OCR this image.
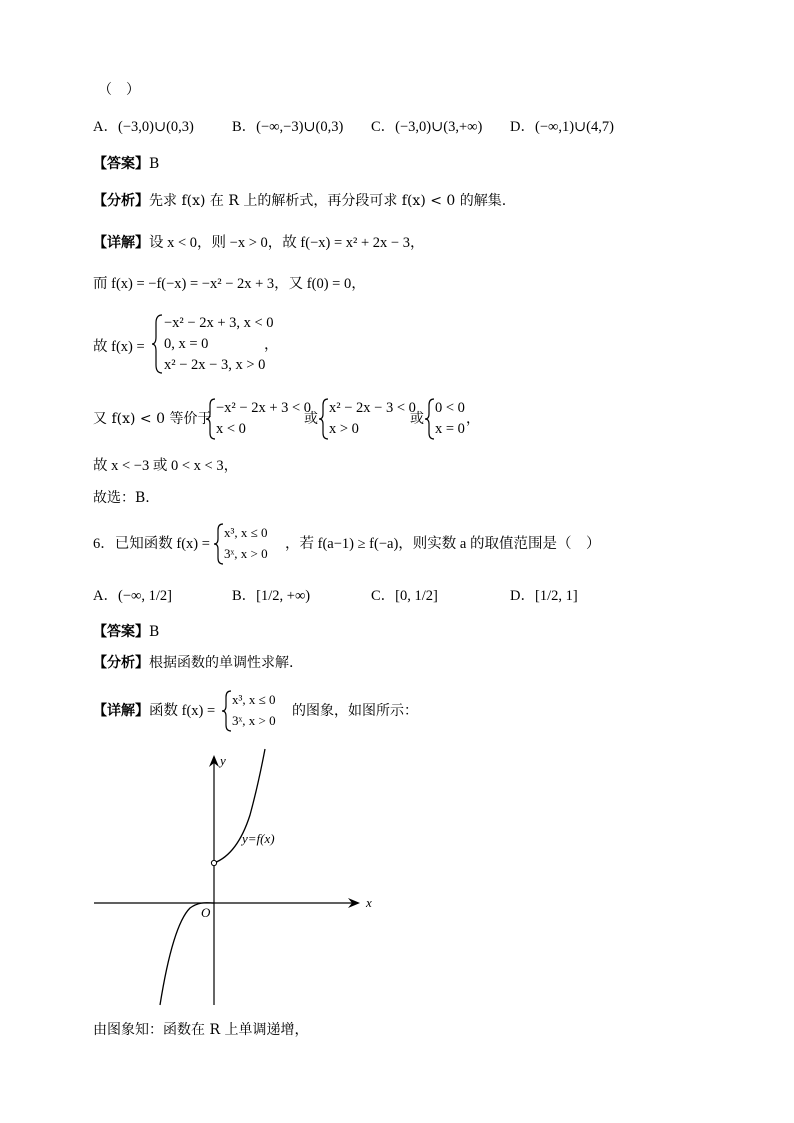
（　）
A．(−3,0)∪(0,3)	B．(−∞,−3)∪(0,3) C．(−3,0)∪(3,+∞) D．(−∞,1)∪(4,7)
【答案】B
【分析】先求 f(x) 在 R 上的解析式，再分段可求 f(x) < 0 的解集.
【详解】设 x < 0，则 −x > 0，故 f(−x) = x² + 2x − 3，
而 f(x) = −f(−x) = −x² − 2x + 3，又 f(0) = 0，
故 f(x) =
−x² − 2x + 3, x < 0
0, x = 0
x² − 2x − 3, x > 0
，
又 f(x) < 0 等价于
−x² − 2x + 3 < 0
x < 0
或
x² − 2x − 3 < 0
x > 0
或
0 < 0
x = 0
，
故 x < −3 或 0 < x < 3，
故选：B.
6．已知函数 f(x) =
x³, x ≤ 0
3ˣ, x > 0
，若 f(a−1) ≥ f(−a)，则实数 a 的取值范围是（　）
A．(−∞, 1/2]	B．[1/2, +∞)	C．[0, 1/2]	D．[1/2, 1]
【答案】B
【分析】根据函数的单调性求解.
【详解】函数 f(x) =
x³, x ≤ 0
3ˣ, x > 0
的图象，如图所示：
y
x
O
y=f(x)
由图象知：函数在 R 上单调递增，
